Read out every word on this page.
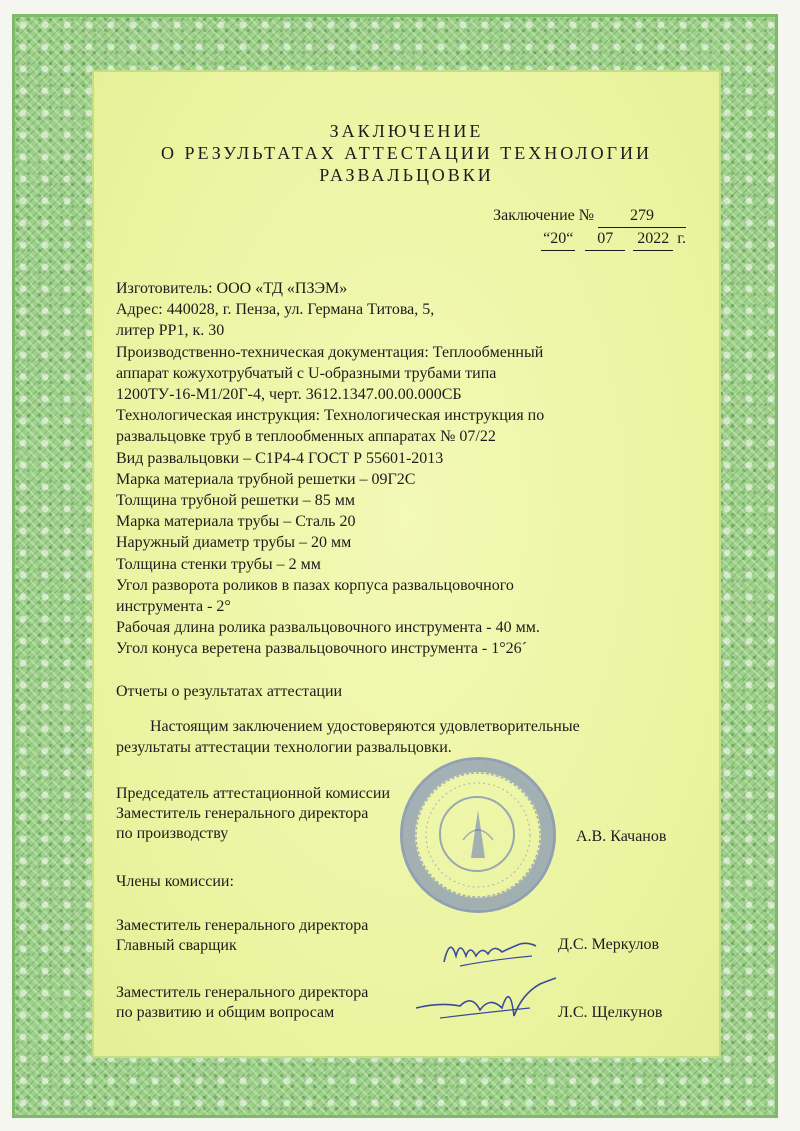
ЗАКЛЮЧЕНИЕ
О РЕЗУЛЬТАТАХ АТТЕСТАЦИИ ТЕХНОЛОГИИ
РАЗВАЛЬЦОВКИ
Заключение № 279
“20“ 07 2022 г.

Изготовитель: ООО «ТД «ПЗЭМ»

Адрес: 440028, г. Пенза, ул. Германа Титова, 5,

литер РР1, к. 30

Производственно-техническая документация: Теплообменный

аппарат кожухотрубчатый с U-образными трубами типа

1200ТУ-16-М1/20Г-4, черт. 3612.1347.00.00.000СБ

Технологическая инструкция: Технологическая инструкция по

развальцовке труб в теплообменных аппаратах № 07/22

Вид развальцовки – С1Р4-4 ГОСТ Р 55601-2013

Марка материала трубной решетки – 09Г2С

Толщина трубной решетки – 85 мм

Марка материала трубы – Сталь 20

Наружный диаметр трубы – 20 мм

Толщина стенки трубы – 2 мм

Угол разворота роликов в пазах корпуса развальцовочного

инструмента - 2°

Рабочая длина ролика развальцовочного инструмента - 40 мм.

Угол конуса веретена развальцовочного инструмента - 1°26´

Отчеты о результатах аттестации
Настоящим заключением удостоверяются удовлетворительные
результаты аттестации технологии развальцовки.
Председатель аттестационной комиссии
Заместитель генерального директора
по производству	А.В. Качанов
Члены комиссии:
Заместитель генерального директора
Главный сварщик	Д.С. Меркулов
Заместитель генерального директора
по развитию и общим вопросам	Л.С. Щелкунов
